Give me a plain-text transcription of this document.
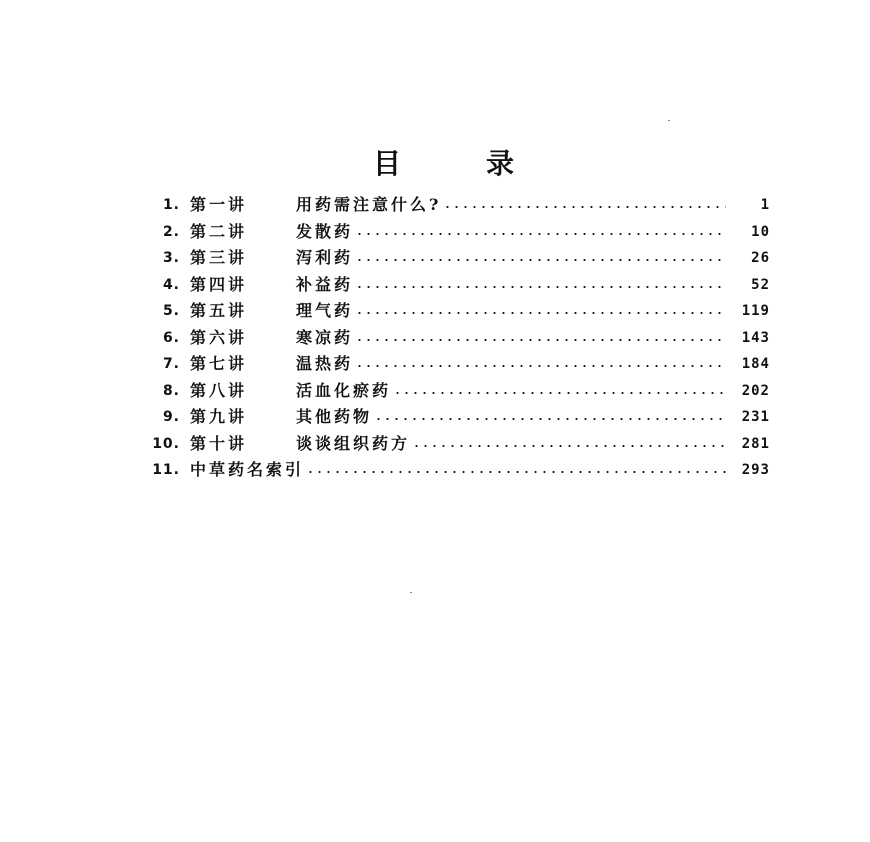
目	录
1. 第一讲	用药需注意什么?	1
2. 第二讲	发散药	10
3. 第三讲	泻利药	26
4. 第四讲	补益药	52
5. 第五讲	理气药	119
6. 第六讲	寒凉药	143
7. 第七讲	温热药	184
8. 第八讲	活血化瘀药	202
9. 第九讲	其他药物	231
10. 第十讲	谈谈组织药方	281
11. 中草药名索引	293
